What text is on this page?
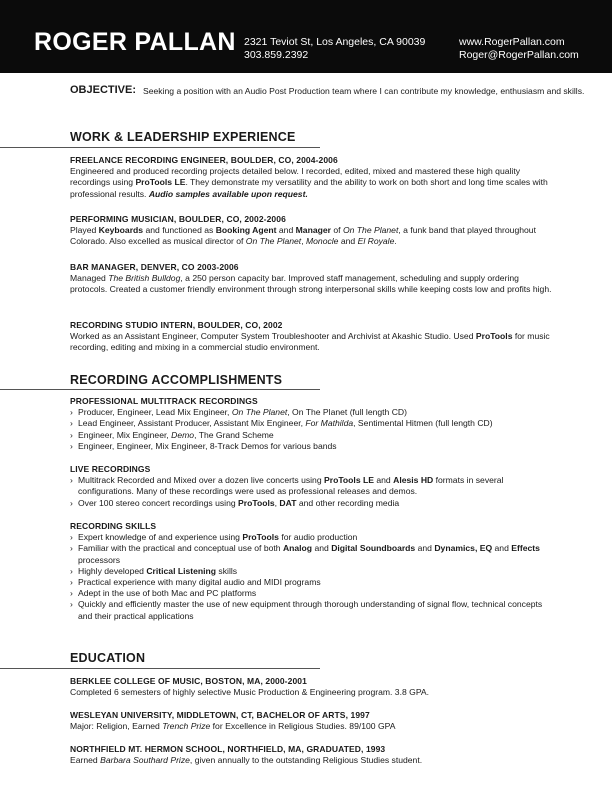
ROGER PALLAN 2321 Teviot St, Los Angeles, CA 90039
303.859.2392
www.RogerPallan.com
Roger@RogerPallan.com
OBJECTIVE: Seeking a position with an Audio Post Production team where I can contribute my knowledge, enthusiasm and skills.
WORK & LEADERSHIP EXPERIENCE
FREELANCE RECORDING ENGINEER, BOULDER, CO, 2004-2006

Engineered and produced recording projects detailed below. I recorded, edited, mixed and mastered these high quality recordings using ProTools LE. They demonstrate my versatility and the ability to work on both short and long time scales with professional results. Audio samples available upon request.

PERFORMING MUSICIAN, BOULDER, CO, 2002-2006

Played Keyboards and functioned as Booking Agent and Manager of On The Planet, a funk band that played throughout Colorado. Also excelled as musical director of On The Planet, Monocle and El Royale.

BAR MANAGER, DENVER, CO 2003-2006

Managed The British Bulldog, a 250 person capacity bar. Improved staff management, scheduling and supply ordering protocols. Created a customer friendly environment through strong interpersonal skills while keeping costs low and profits high.

RECORDING STUDIO INTERN, BOULDER, CO, 2002

Worked as an Assistant Engineer, Computer System Troubleshooter and Archivist at Akashic Studio. Used ProTools for music recording, editing and mixing in a commercial studio environment.

RECORDING ACCOMPLISHMENTS
PROFESSIONAL MULTITRACK RECORDINGS
› Producer, Engineer, Lead Mix Engineer, On The Planet, On The Planet (full length CD)
› Lead Engineer, Assistant Producer, Assistant Mix Engineer, For Mathilda, Sentimental Hitmen (full length CD)
› Engineer, Mix Engineer, Demo, The Grand Scheme
› Engineer, Engineer, Mix Engineer, 8-Track Demos for various bands
LIVE RECORDINGS
› Multitrack Recorded and Mixed over a dozen live concerts using ProTools LE and Alesis HD formats in several configurations. Many of these recordings were used as professional releases and demos.
› Over 100 stereo concert recordings using ProTools, DAT and other recording media
RECORDING SKILLS
› Expert knowledge of and experience using ProTools for audio production
› Familiar with the practical and conceptual use of both Analog and Digital Soundboards and Dynamics, EQ and Effects processors
› Highly developed Critical Listening skills
› Practical experience with many digital audio and MIDI programs
› Adept in the use of both Mac and PC platforms
› Quickly and efficiently master the use of new equipment through thorough understanding of signal flow, technical concepts and their practical applications
EDUCATION
BERKLEE COLLEGE OF MUSIC, BOSTON, MA, 2000-2001

Completed 6 semesters of highly selective Music Production & Engineering program. 3.8 GPA.

WESLEYAN UNIVERSITY, MIDDLETOWN, CT, BACHELOR OF ARTS, 1997

Major: Religion, Earned Trench Prize for Excellence in Religious Studies. 89/100 GPA

NORTHFIELD MT. HERMON SCHOOL, NORTHFIELD, MA, GRADUATED, 1993

Earned Barbara Southard Prize, given annually to the outstanding Religious Studies student.
